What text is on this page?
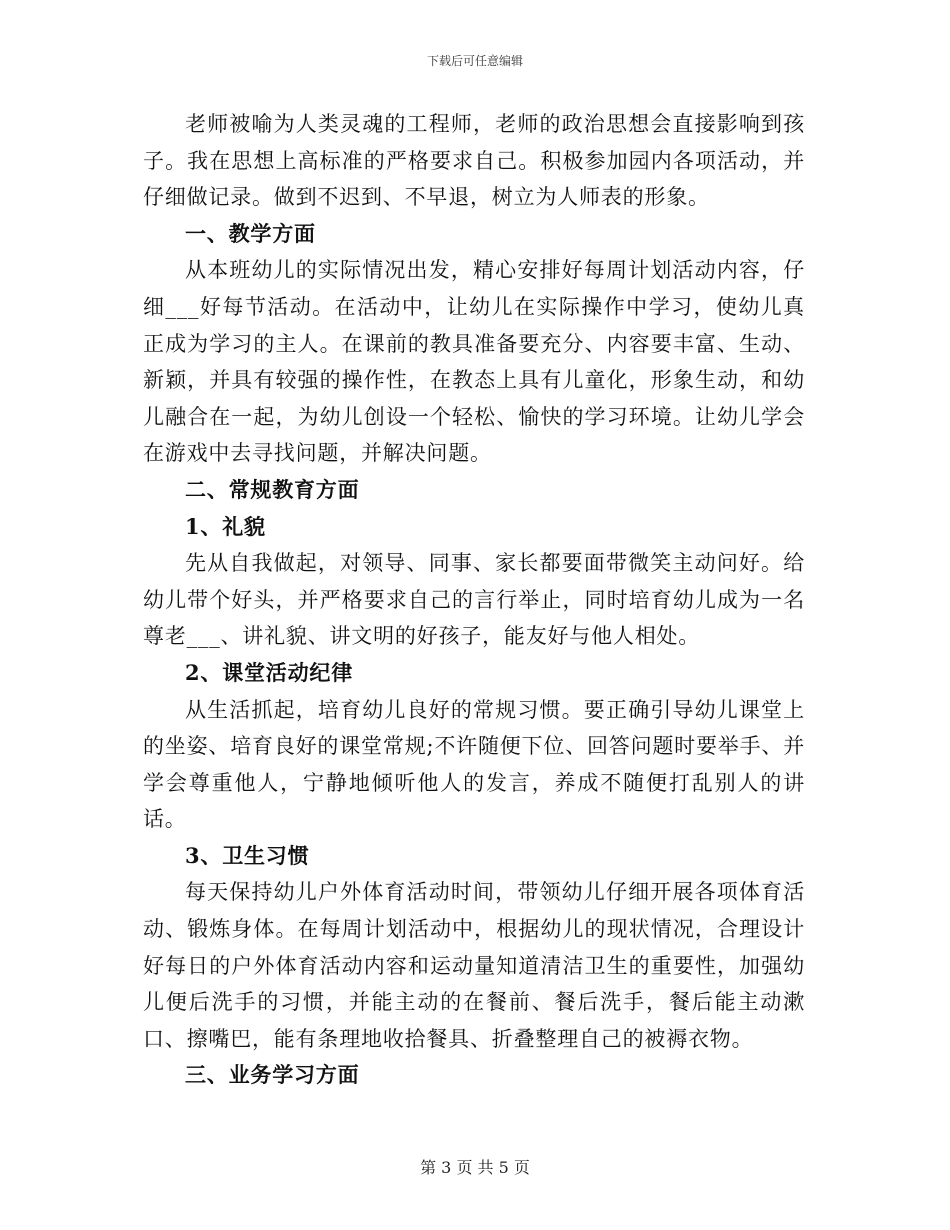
下载后可任意编辑

老师被喻为人类灵魂的工程师，老师的政治思想会直接影响到孩子。我在思想上高标准的严格要求自己。积极参加园内各项活动，并仔细做记录。做到不迟到、不早退，树立为人师表的形象。

一、教学方面

从本班幼儿的实际情况出发，精心安排好每周计划活动内容，仔细___好每节活动。在活动中，让幼儿在实际操作中学习，使幼儿真正成为学习的主人。在课前的教具准备要充分、内容要丰富、生动、新颖，并具有较强的操作性，在教态上具有儿童化，形象生动，和幼儿融合在一起，为幼儿创设一个轻松、愉快的学习环境。让幼儿学会在游戏中去寻找问题，并解决问题。

二、常规教育方面

1、礼貌

先从自我做起，对领导、同事、家长都要面带微笑主动问好。给幼儿带个好头，并严格要求自己的言行举止，同时培育幼儿成为一名尊老___、讲礼貌、讲文明的好孩子，能友好与他人相处。

2、课堂活动纪律

从生活抓起，培育幼儿良好的常规习惯。要正确引导幼儿课堂上的坐姿、培育良好的课堂常规;不许随便下位、回答问题时要举手、并学会尊重他人，宁静地倾听他人的发言，养成不随便打乱别人的讲话。

3、卫生习惯

每天保持幼儿户外体育活动时间，带领幼儿仔细开展各项体育活动、锻炼身体。在每周计划活动中，根据幼儿的现状情况，合理设计好每日的户外体育活动内容和运动量知道清洁卫生的重要性，加强幼儿便后洗手的习惯，并能主动的在餐前、餐后洗手，餐后能主动漱口、擦嘴巴，能有条理地收拾餐具、折叠整理自己的被褥衣物。

三、业务学习方面

第 3 页 共 5 页
